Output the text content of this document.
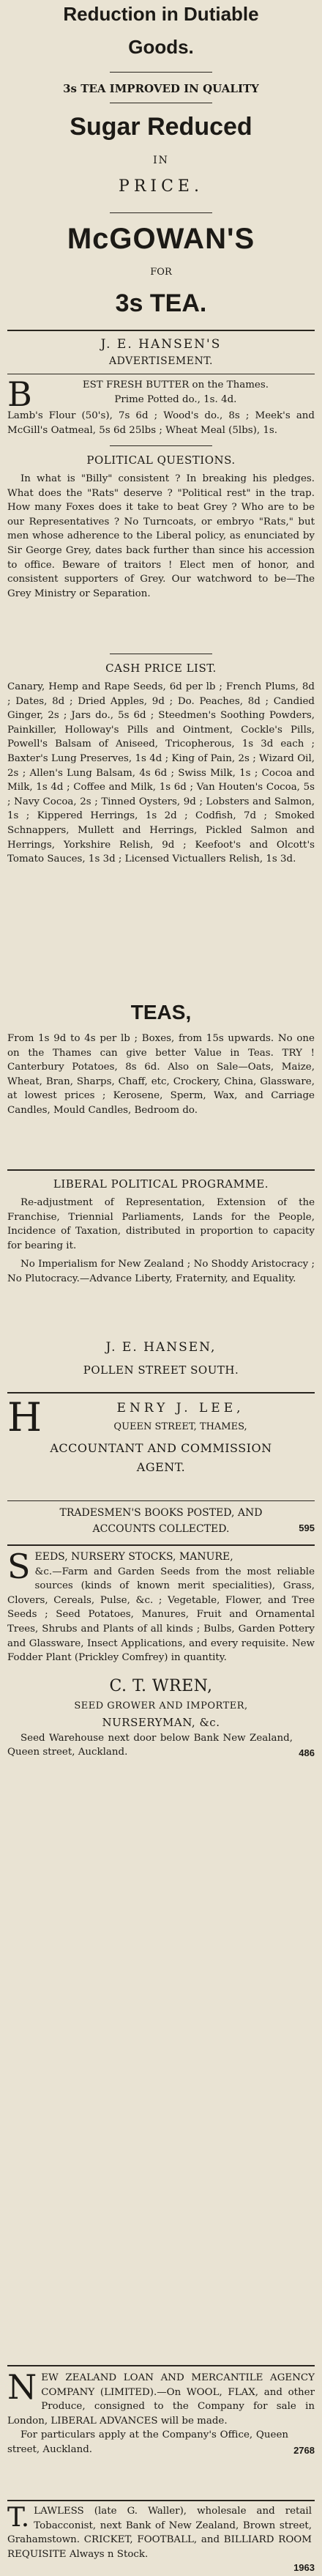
Reduction in Dutiable
Goods.
3s TEA IMPROVED IN QUALITY
Sugar Reduced
IN
PRICE.
McGOWAN'S
FOR
3s TEA.
J. E. HANSEN'S
ADVERTISEMENT.
B	EST FRESH BUTTER on the Thames.

Prime Potted do., 1s. 4d.

Lamb's Flour (50's), 7s 6d ; Wood's do., 8s ; Meek's and McGill's Oatmeal, 5s 6d 25lbs ; Wheat Meal (5lbs), 1s.

POLITICAL QUESTIONS.

In what is "Billy" consistent ? In breaking his pledges. What does the "Rats" deserve ? "Political rest" in the trap. How many Foxes does it take to beat Grey ? Who are to be our Representatives ? No Turncoats, or embryo "Rats," but men whose adherence to the Liberal policy, as enunciated by Sir George Grey, dates back further than since his accession to office. Beware of traitors ! Elect men of honor, and consistent supporters of Grey. Our watchword to be—The Grey Ministry or Separation.

CASH PRICE LIST.

Canary, Hemp and Rape Seeds, 6d per lb ; French Plums, 8d ; Dates, 8d ; Dried Apples, 9d ; Do. Peaches, 8d ; Candied Ginger, 2s ; Jars do., 5s 6d ; Steedmen's Soothing Powders, Painkiller, Holloway's Pills and Ointment, Cockle's Pills, Powell's Balsam of Aniseed, Tricopherous, 1s 3d each ; Baxter's Lung Preserves, 1s 4d ; King of Pain, 2s ; Wizard Oil, 2s ; Allen's Lung Balsam, 4s 6d ; Swiss Milk, 1s ; Cocoa and Milk, 1s 4d ; Coffee and Milk, 1s 6d ; Van Houten's Cocoa, 5s ; Navy Cocoa, 2s ; Tinned Oysters, 9d ; Lobsters and Salmon, 1s ; Kippered Herrings, 1s 2d ; Codfish, 7d ; Smoked Schnappers, Mullett and Herrings, Pickled Salmon and Herrings, Yorkshire Relish, 9d ; Keefoot's and Olcott's Tomato Sauces, 1s 3d ; Licensed Victuallers Relish, 1s 3d.

TEAS,

From 1s 9d to 4s per lb ; Boxes, from 15s upwards. No one on the Thames can give better Value in Teas. TRY ! Canterbury Potatoes, 8s 6d. Also on Sale—Oats, Maize, Wheat, Bran, Sharps, Chaff, etc, Crockery, China, Glassware, at lowest prices ; Kerosene, Sperm, Wax, and Carriage Candles, Mould Candles, Bedroom do.

LIBERAL POLITICAL PROGRAMME.

Re-adjustment of Representation, Extension of the Franchise, Triennial Parliaments, Lands for the People, Incidence of Taxation, distributed in proportion to capacity for bearing it.

No Imperialism for New Zealand ; No Shoddy Aristocracy ; No Plutocracy.—Advance Liberty, Fraternity, and Equality.

J. E. HANSEN,
POLLEN STREET SOUTH.
H	ENRY J. LEE,
QUEEN STREET, THAMES,
ACCOUNTANT AND COMMISSION
AGENT.
TRADESMEN'S BOOKS POSTED, AND
ACCOUNTS COLLECTED.	595
S EEDS, NURSERY STOCKS, MANURE,

&c.—Farm and Garden Seeds from the most reliable sources (kinds of known merit specialities), Grass, Clovers, Cereals, Pulse, &c. ; Vegetable, Flower, and Tree Seeds ; Seed Potatoes, Manures, Fruit and Ornamental Trees, Shrubs and Plants of all kinds ; Bulbs, Garden Pottery and Glassware, Insect Applications, and every requisite. New Fodder Plant (Prickley Comfrey) in quantity.

C. T. WREN,
SEED GROWER AND IMPORTER,
NURSERYMAN, &c.

Seed Warehouse next door below Bank New Zealand, Queen street, Auckland.	486
N EW ZEALAND LOAN AND MERCANTILE AGENCY COMPANY (LIMITED).—On WOOL, FLAX, and other Produce, consigned to the Company for sale in London, LIBERAL ADVANCES will be made.

For particulars apply at the Company's Office, Queen street, Auckland.	2768
T. LAWLESS (late G. Waller), wholesale and retail Tobacconist, next Bank of New Zealand, Brown street, Grahamstown. CRICKET, FOOTBALL, and BILLIARD ROOM REQUISITE Always n Stock.

1963
